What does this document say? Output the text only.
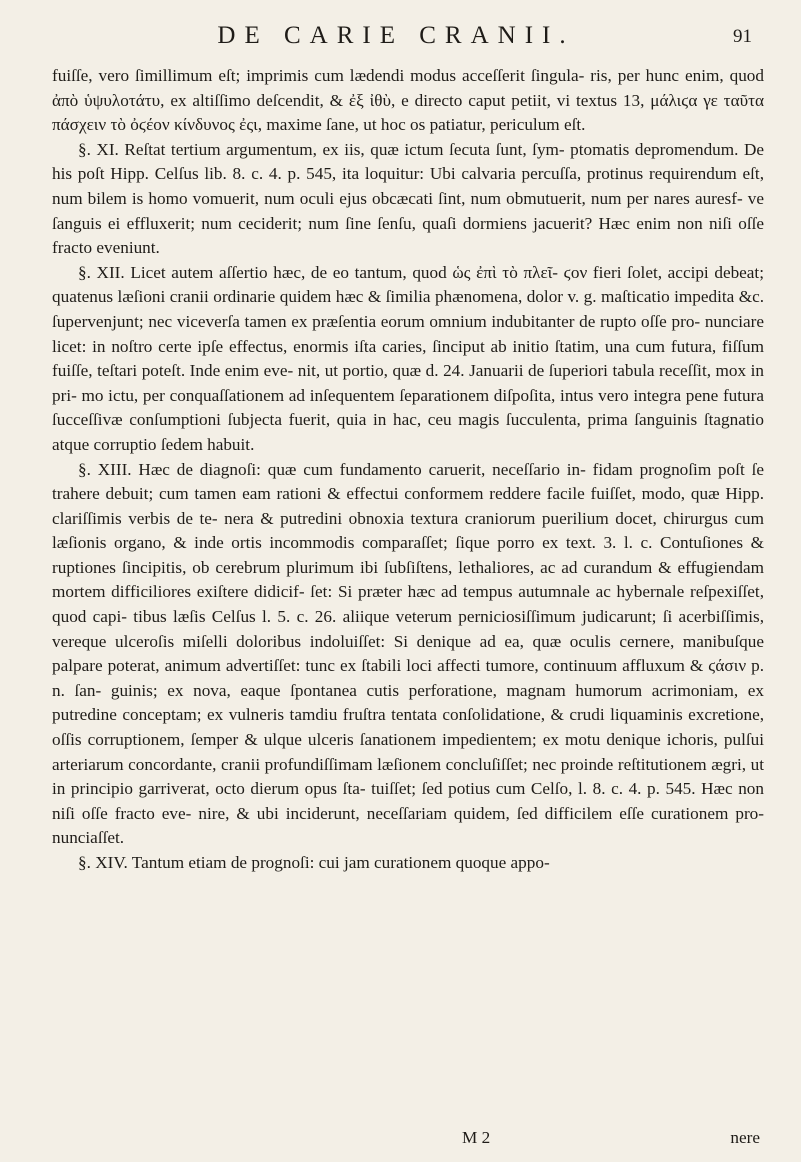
DE CARIE CRANII.	91

fuiſſe, vero ſimillimum eſt; imprimis cum lædendi modus acceſſerit ſingula- ris, per hunc enim, quod ἀπὸ ὑψυλοτάτυ, ex altiſſimo deſcendit, & ἐξ ἰθὺ, e directo caput petiit, vi textus 13, μάλιϛα γε ταῦτα πάσχειν τὸ ὀϛέον κίνδυνος ἐςι, maxime ſane, ut hoc os patiatur, periculum eſt.

§. XI. Reſtat tertium argumentum, ex iis, quæ ictum ſecuta ſunt, ſym- ptomatis depromendum. De his poſt Hipp. Celſus lib. 8. c. 4. p. 545, ita loquitur: Ubi calvaria percuſſa, protinus requirendum eſt, num bilem is homo vomuerit, num oculi ejus obcæcati ſint, num obmutuerit, num per nares auresf- ve ſanguis ei effluxerit; num ceciderit; num ſine ſenſu, quaſi dormiens jacuerit? Hæc enim non niſi oſſe fracto eveniunt.

§. XII. Licet autem aſſertio hæc, de eo tantum, quod ὡς ἐπὶ τὸ πλεῖ- ϛον fieri ſolet, accipi debeat; quatenus læſioni cranii ordinarie quidem hæc & ſimilia phænomena, dolor v. g. maſticatio impedita &c. ſupervenjunt; nec viceverſa tamen ex præſentia eorum omnium indubitanter de rupto oſſe pro- nunciare licet: in noſtro certe ipſe effectus, enormis iſta caries, ſinciput ab initio ſtatim, una cum futura, fiſſum fuiſſe, teſtari poteſt. Inde enim eve- nit, ut portio, quæ d. 24. Januarii de ſuperiori tabula receſſit, mox in pri- mo ictu, per conquaſſationem ad inſequentem ſeparationem diſpoſita, intus vero integra pene futura ſucceſſivæ conſumptioni ſubjecta fuerit, quia in hac, ceu magis ſucculenta, prima ſanguinis ſtagnatio atque corruptio ſedem habuit.

§. XIII. Hæc de diagnoſi: quæ cum fundamento caruerit, neceſſario in- fidam prognoſim poſt ſe trahere debuit; cum tamen eam rationi & effectui conformem reddere facile fuiſſet, modo, quæ Hipp. clariſſimis verbis de te- nera & putredini obnoxia textura craniorum puerilium docet, chirurgus cum læſionis organo, & inde ortis incommodis comparaſſet; ſique porro ex text. 3. l. c. Contuſiones & ruptiones ſincipitis, ob cerebrum plurimum ibi ſubſiſtens, lethaliores, ac ad curandum & effugiendam mortem difficiliores exiſtere didicif- ſet: Si præter hæc ad tempus autumnale ac hybernale reſpexiſſet, quod capi- tibus læſis Celſus l. 5. c. 26. aliique veterum perniciosiſſimum judicarunt; ſi acerbiſſimis, vereque ulceroſis miſelli doloribus indoluiſſet: Si denique ad ea, quæ oculis cernere, manibuſque palpare poterat, animum advertiſſet: tunc ex ſtabili loci affecti tumore, continuum affluxum & ϛάσιν p. n. ſan- guinis; ex nova, eaque ſpontanea cutis perforatione, magnam humorum acrimoniam, ex putredine conceptam; ex vulneris tamdiu fruſtra tentata conſolidatione, & crudi liquaminis excretione, oſſis corruptionem, ſemper & ulque ulceris ſanationem impedientem; ex motu denique ichoris, pulſui arteriarum concordante, cranii profundiſſimam læſionem concluſiſſet; nec proinde reſtitutionem ægri, ut in principio garriverat, octo dierum opus ſta- tuiſſet; ſed potius cum Celſo, l. 8. c. 4. p. 545. Hæc non niſi oſſe fracto eve- nire, & ubi inciderunt, neceſſariam quidem, ſed difficilem eſſe curationem pro- nunciaſſet.

§. XIV. Tantum etiam de prognoſi: cui jam curationem quoque appo-

M 2	nere
